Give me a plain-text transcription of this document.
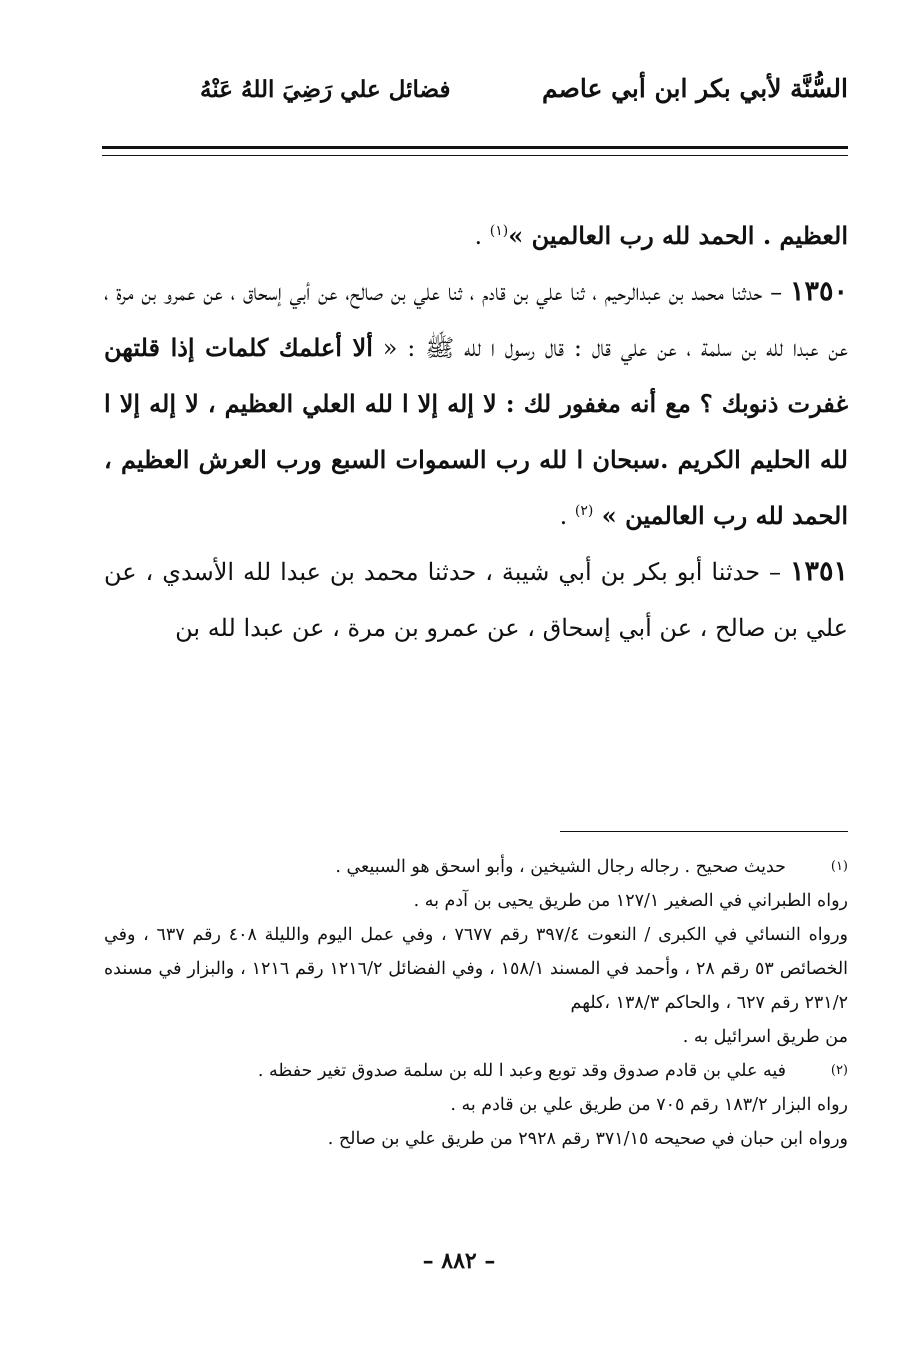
السُّنَّة لأبي بكر ابن أبي عاصم
فضائل علي رَضِيَ اللهُ عَنْهُ

العظيم . الحمد لله رب العالمين »$^{(١)}$ .

١٣٥٠ – حدثنا محمد بن عبدالرحيم ، ثنا علي بن قادم ، ثنا علي بن صالح، عن أبي إسحاق ، عن عمرو بن مرة ، عن عبدا لله بن سلمة ، عن علي قال : قال رسول ا لله ﷺ : « ألا أعلمك كلمات إذا قلتهن غفرت ذنوبك ؟ مع أنه مغفور لك : لا إله إلا ا لله العلي العظيم ، لا إله إلا ا لله الحليم الكريم .سبحان ا لله رب السموات السبع ورب العرش العظيم ، الحمد لله رب العالمين » $^{(٢)}$ .

١٣٥١ – حدثنا أبو بكر بن أبي شيبة ، حدثنا محمد بن عبدا لله الأسدي ، عن علي بن صالح ، عن أبي إسحاق ، عن عمرو بن مرة ، عن عبدا لله بن

(١)

حديث صحيح . رجاله رجال الشيخين ، وأبو اسحق هو السبيعي .

رواه الطبراني في الصغير ١٢٧/١ من طريق يحيى بن آدم به .

ورواه النسائي في الكبرى / النعوت ٣٩٧/٤ رقم ٧٦٧٧ ، وفي عمل اليوم والليلة ٤٠٨ رقم ٦٣٧ ، وفي الخصائص ٥٣ رقم ٢٨ ، وأحمد في المسند ١٥٨/١ ، وفي الفضائل ١٢١٦/٢ رقم ١٢١٦ ، والبزار في مسنده ٢٣١/٢ رقم ٦٢٧ ، والحاكم ١٣٨/٣ ،كلهم

من طريق اسرائيل به .

(٢)

فيه علي بن قادم صدوق وقد توبع وعبد ا لله بن سلمة صدوق تغير حفظه .

رواه البزار ١٨٣/٢ رقم ٧٠٥ من طريق علي بن قادم به .

ورواه ابن حبان في صحيحه ٣٧١/١٥ رقم ٢٩٢٨ من طريق علي بن صالح .

– ٨٨٢ –
